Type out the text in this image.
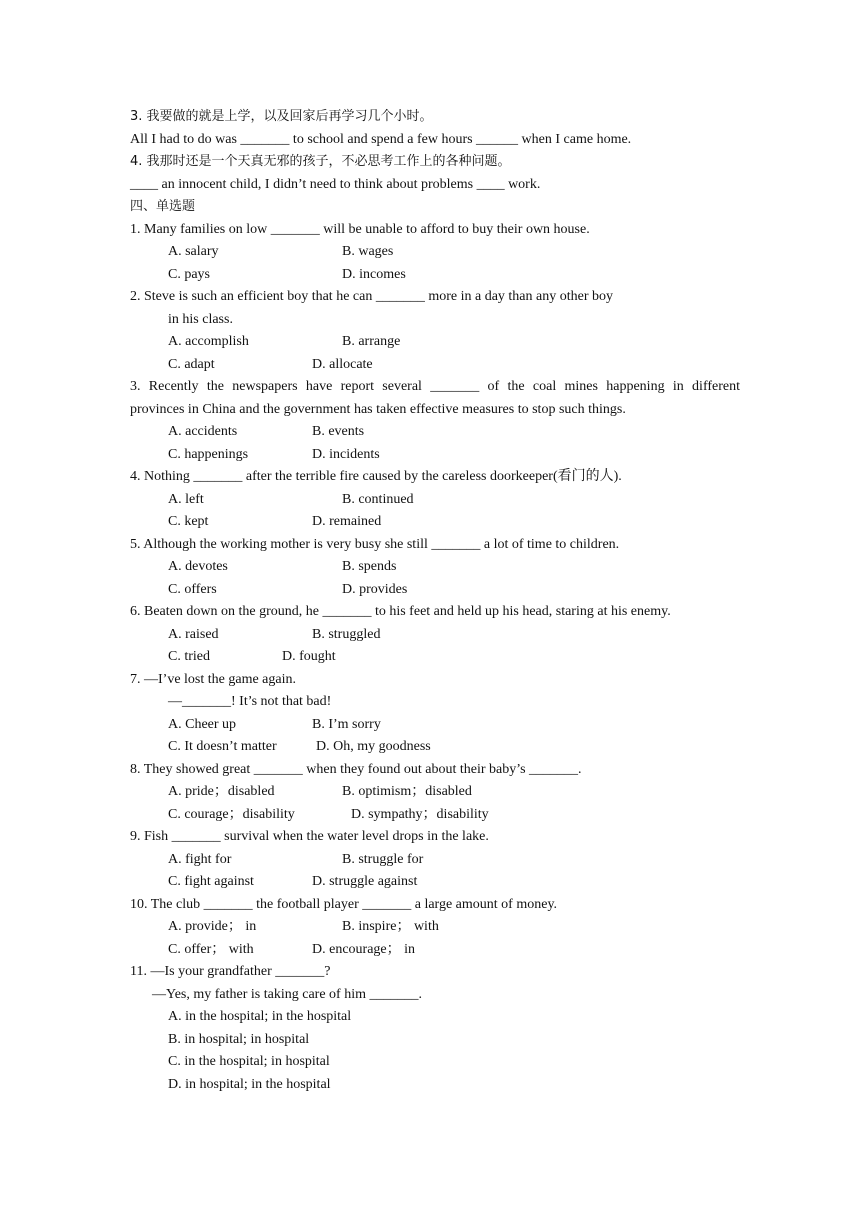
3. 我要做的就是上学，以及回家后再学习几个小时。
All I had to do was _______ to school and spend a few hours ______ when I came home.
4. 我那时还是一个天真无邪的孩子，不必思考工作上的各种问题。
____ an innocent child, I didn’t need to think about problems ____ work.
四、单选题
1. Many families on low _______ will be unable to afford to buy their own house.
A. salary	B. wages
C. pays	D. incomes
2. Steve is such an efficient boy that he can _______ more in a day than any other boy
in his class.
A. accomplish	B. arrange
C. adapt	D. allocate
3. Recently the newspapers have report several _______ of the coal mines happening in different
provinces in China and the government has taken effective measures to stop such things.
A. accidents	B. events
C. happenings	D. incidents
4. Nothing _______ after the terrible fire caused by the careless doorkeeper(看门的人).
A. left	B. continued
C. kept	D. remained
5. Although the working mother is very busy she still _______ a lot of time to children.
A. devotes	B. spends
C. offers	D. provides
6. Beaten down on the ground, he _______ to his feet and held up his head, staring at his enemy.
A. raised	B. struggled
C. tried	D. fought
7. —I’ve lost the game again.
—_______! It’s not that bad!
A. Cheer up	B. I’m sorry
C. It doesn’t matter	D. Oh, my goodness
8. They showed great _______ when they found out about their baby’s _______.
A. pride；disabled	B. optimism；disabled
C. courage；disability	D. sympathy；disability
9. Fish _______ survival when the water level drops in the lake.
A. fight for	B. struggle for
C. fight against	D. struggle against
10. The club _______ the football player _______ a large amount of money.
A. provide； in	B. inspire； with
C. offer； with	D. encourage； in
11. —Is your grandfather _______?
—Yes, my father is taking care of him _______.
A. in the hospital; in the hospital
B. in hospital; in hospital
C. in the hospital; in hospital
D. in hospital; in the hospital
